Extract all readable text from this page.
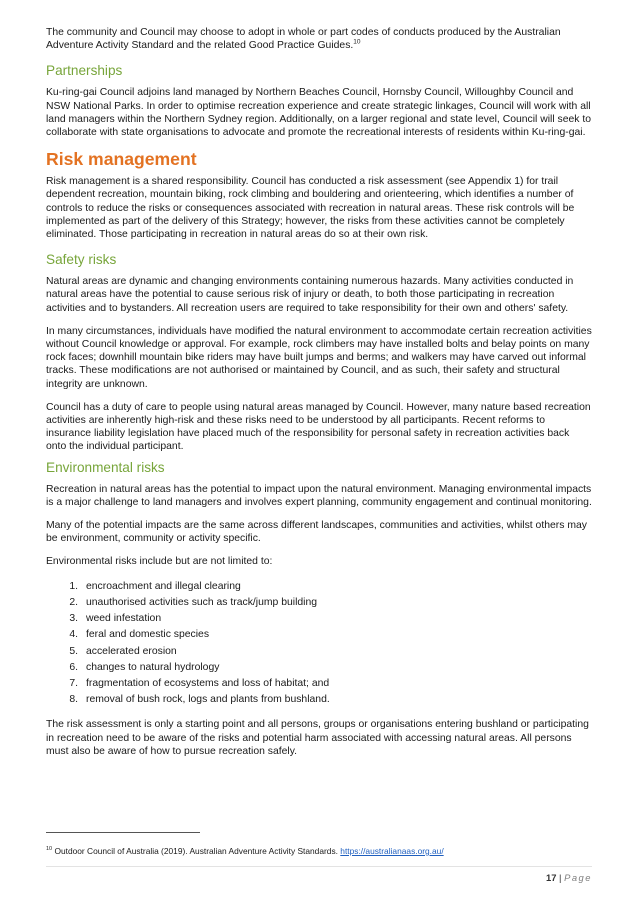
The community and Council may choose to adopt in whole or part codes of conducts produced by the Australian Adventure Activity Standard and the related Good Practice Guides.$^{10}$

Partnerships

Ku-ring-gai Council adjoins land managed by Northern Beaches Council, Hornsby Council, Willoughby Council and NSW National Parks. In order to optimise recreation experience and create strategic linkages, Council will work with all land managers within the Northern Sydney region. Additionally, on a larger regional and state level, Council will seek to collaborate with state organisations to advocate and promote the recreational interests of residents within Ku-ring-gai.

Risk management

Risk management is a shared responsibility. Council has conducted a risk assessment (see Appendix 1) for trail dependent recreation, mountain biking, rock climbing and bouldering and orienteering, which identifies a number of controls to reduce the risks or consequences associated with recreation in natural areas. These risk controls will be implemented as part of the delivery of this Strategy; however, the risks from these activities cannot be completely eliminated. Those participating in recreation in natural areas do so at their own risk.

Safety risks

Natural areas are dynamic and changing environments containing numerous hazards. Many activities conducted in natural areas have the potential to cause serious risk of injury or death, to both those participating in recreation activities and to bystanders. All recreation users are required to take responsibility for their own and others' safety.

In many circumstances, individuals have modified the natural environment to accommodate certain recreation activities without Council knowledge or approval. For example, rock climbers may have installed bolts and belay points on many rock faces; downhill mountain bike riders may have built jumps and berms; and walkers may have carved out informal tracks. These modifications are not authorised or maintained by Council, and as such, their safety and structural integrity are unknown.

Council has a duty of care to people using natural areas managed by Council. However, many nature based recreation activities are inherently high-risk and these risks need to be understood by all participants. Recent reforms to insurance liability legislation have placed much of the responsibility for personal safety in recreation activities back onto the individual participant.

Environmental risks

Recreation in natural areas has the potential to impact upon the natural environment. Managing environmental impacts is a major challenge to land managers and involves expert planning, community engagement and continual monitoring.

Many of the potential impacts are the same across different landscapes, communities and activities, whilst others may be environment, community or activity specific.

Environmental risks include but are not limited to:

1. encroachment and illegal clearing
2. unauthorised activities such as track/jump building
3. weed infestation
4. feral and domestic species
5. accelerated erosion
6. changes to natural hydrology
7. fragmentation of ecosystems and loss of habitat; and
8. removal of bush rock, logs and plants from bushland.

The risk assessment is only a starting point and all persons, groups or organisations entering bushland or participating in recreation need to be aware of the risks and potential harm associated with accessing natural areas. All persons must also be aware of how to pursue recreation safely.

$^{10}$ Outdoor Council of Australia (2019). Australian Adventure Activity Standards. https://australianaas.org.au/
17 | Page
